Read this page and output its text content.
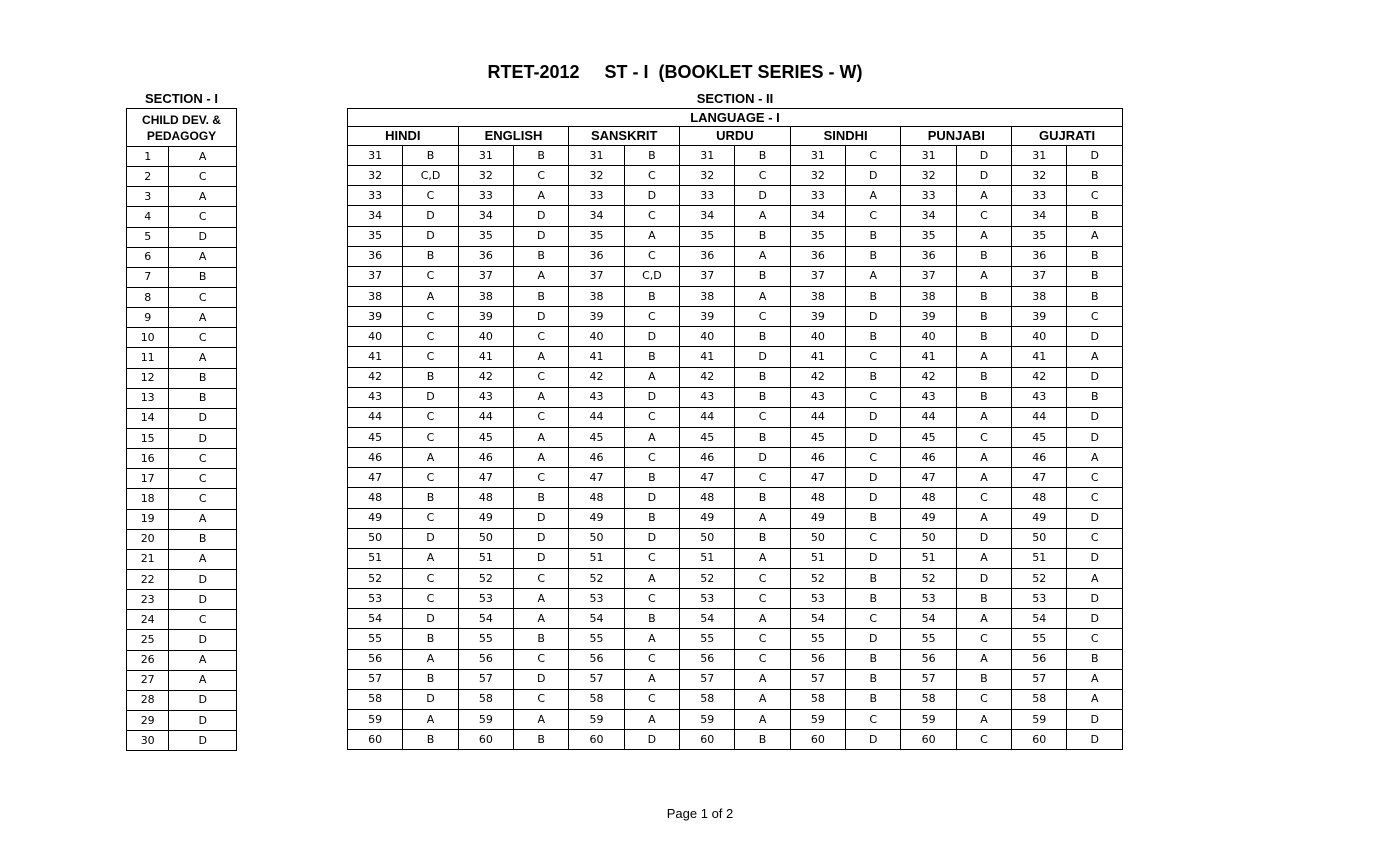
RTET-2012     ST - I  (BOOKLET SERIES - W)
SECTION - I	SECTION - II
CHILD DEV. & PEDAGOGY	
1	A
2	C
3	A
4	C
5	D
6	A
7	B
8	C
9	A
10	C
11	A
12	B
13	B
14	D
15	D
16	C
17	C
18	C
19	A
20	B
21	A
22	D
23	D
24	C
25	D
26	A
27	A
28	D
29	D
30	D
LANGUAGE - I													
HINDI		ENGLISH		SANSKRIT		URDU		SINDHI		PUNJABI		GUJRATI	
31	B	31	B	31	B	31	B	31	C	31	D	31	D
32	C,D	32	C	32	C	32	C	32	D	32	D	32	B
33	C	33	A	33	D	33	D	33	A	33	A	33	C
34	D	34	D	34	C	34	A	34	C	34	C	34	B
35	D	35	D	35	A	35	B	35	B	35	A	35	A
36	B	36	B	36	C	36	A	36	B	36	B	36	B
37	C	37	A	37	C,D	37	B	37	A	37	A	37	B
38	A	38	B	38	B	38	A	38	B	38	B	38	B
39	C	39	D	39	C	39	C	39	D	39	B	39	C
40	C	40	C	40	D	40	B	40	B	40	B	40	D
41	C	41	A	41	B	41	D	41	C	41	A	41	A
42	B	42	C	42	A	42	B	42	B	42	B	42	D
43	D	43	A	43	D	43	B	43	C	43	B	43	B
44	C	44	C	44	C	44	C	44	D	44	A	44	D
45	C	45	A	45	A	45	B	45	D	45	C	45	D
46	A	46	A	46	C	46	D	46	C	46	A	46	A
47	C	47	C	47	B	47	C	47	D	47	A	47	C
48	B	48	B	48	D	48	B	48	D	48	C	48	C
49	C	49	D	49	B	49	A	49	B	49	A	49	D
50	D	50	D	50	D	50	B	50	C	50	D	50	C
51	A	51	D	51	C	51	A	51	D	51	A	51	D
52	C	52	C	52	A	52	C	52	B	52	D	52	A
53	C	53	A	53	C	53	C	53	B	53	B	53	D
54	D	54	A	54	B	54	A	54	C	54	A	54	D
55	B	55	B	55	A	55	C	55	D	55	C	55	C
56	A	56	C	56	C	56	C	56	B	56	A	56	B
57	B	57	D	57	A	57	A	57	B	57	B	57	A
58	D	58	C	58	C	58	A	58	B	58	C	58	A
59	A	59	A	59	A	59	A	59	C	59	A	59	D
60	B	60	B	60	D	60	B	60	D	60	C	60	D
Page 1 of 2
